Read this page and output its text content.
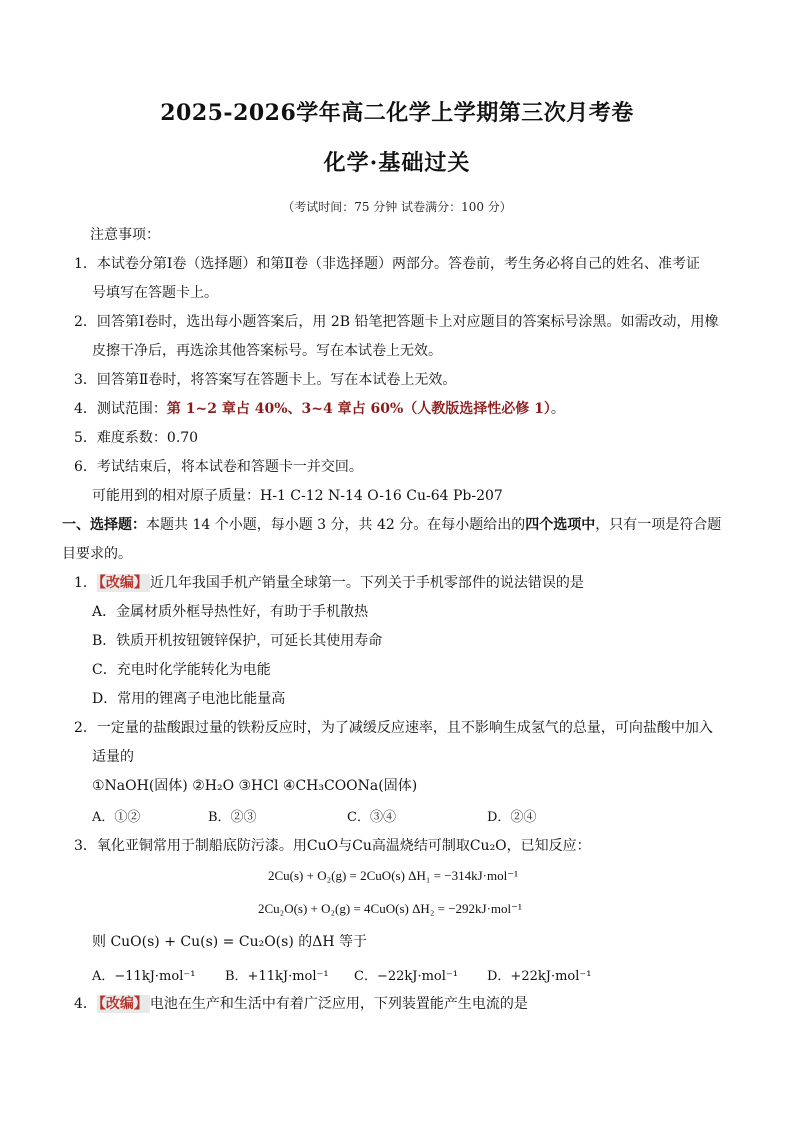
2025-2026学年高二化学上学期第三次月考卷
化学·基础过关
（考试时间：75 分钟 试卷满分：100 分）
注意事项：
1．本试卷分第Ⅰ卷（选择题）和第Ⅱ卷（非选择题）两部分。答卷前，考生务必将自己的姓名、准考证
号填写在答题卡上。
2．回答第Ⅰ卷时，选出每小题答案后，用 2B 铅笔把答题卡上对应题目的答案标号涂黑。如需改动，用橡
皮擦干净后，再选涂其他答案标号。写在本试卷上无效。
3．回答第Ⅱ卷时，将答案写在答题卡上。写在本试卷上无效。
4．测试范围：第 1~2 章占 40%、3~4 章占 60%（人教版选择性必修 1）。
5．难度系数：0.70
6．考试结束后，将本试卷和答题卡一并交回。
可能用到的相对原子质量：H-1 C-12 N-14 O-16 Cu-64 Pb-207
一、选择题：本题共 14 个小题，每小题 3 分，共 42 分。在每小题给出的四个选项中，只有一项是符合题
目要求的。
1． 【改编】 近几年我国手机产销量全球第一。下列关于手机零部件的说法错误的是
A．金属材质外框导热性好，有助于手机散热
B．铁质开机按钮镀锌保护，可延长其使用寿命
C．充电时化学能转化为电能
D．常用的锂离子电池比能量高
2．一定量的盐酸跟过量的铁粉反应时，为了减缓反应速率，且不影响生成氢气的总量，可向盐酸中加入
适量的
①NaOH(固体) ②H₂O ③HCl ④CH₃COONa(固体)
A．①②	B．②③	C．③④	D．②④
3．氧化亚铜常用于制船底防污漆。用CuO与Cu高温烧结可制取Cu₂O，已知反应：
2Cu(s) + O₂(g) = 2CuO(s) ΔH₁ = −314kJ·mol⁻¹
2Cu₂O(s) + O₂(g) = 4CuO(s) ΔH₂ = −292kJ·mol⁻¹
则 CuO(s) + Cu(s) = Cu₂O(s) 的ΔH 等于
A．−11kJ·mol⁻¹ B．+11kJ·mol⁻¹ C．−22kJ·mol⁻¹ D．+22kJ·mol⁻¹
4． 【改编】 电池在生产和生活中有着广泛应用，下列装置能产生电流的是
